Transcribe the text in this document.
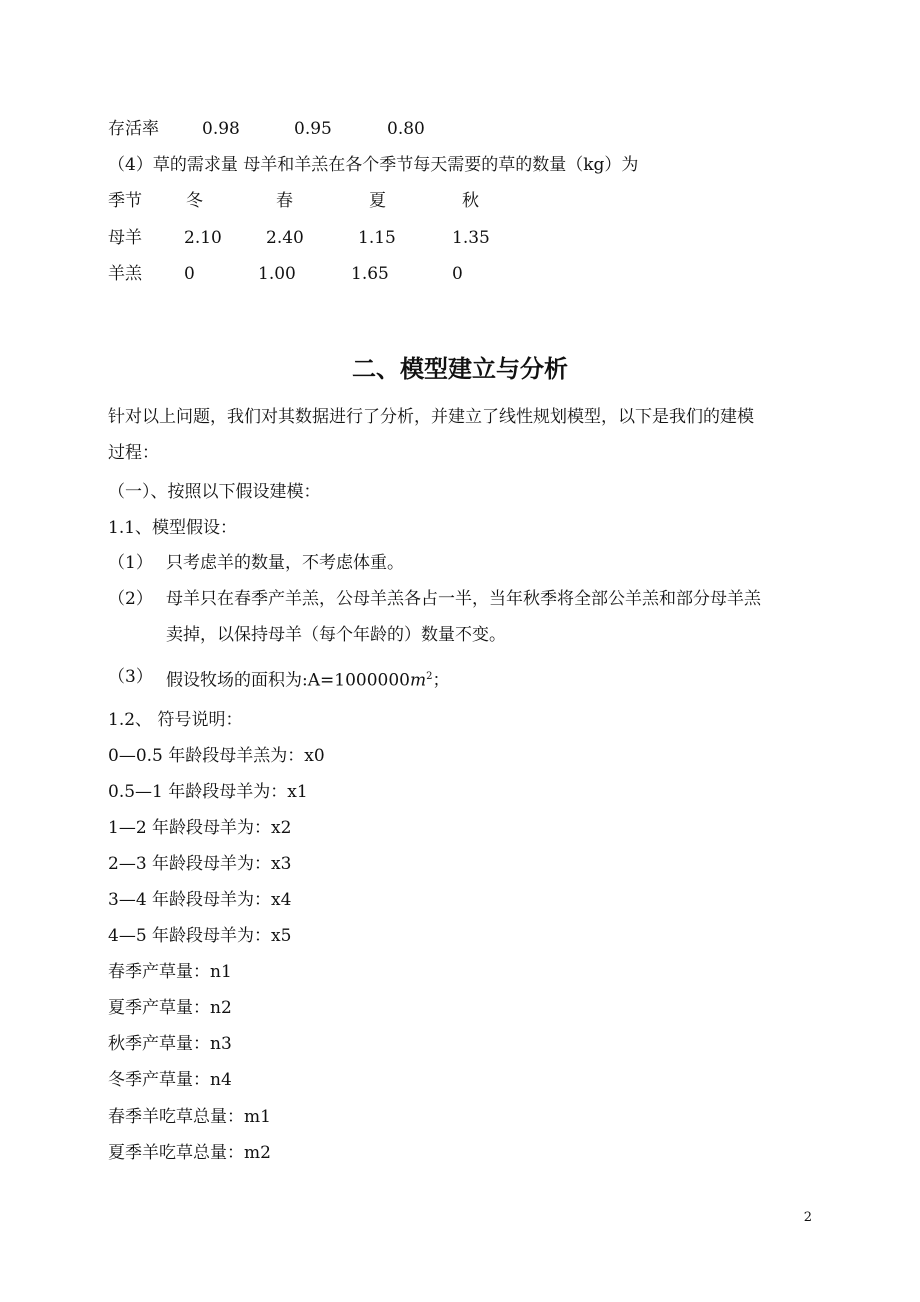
存活率	0.98	0.95	0.80
（4）草的需求量 母羊和羊羔在各个季节每天需要的草的数量（kg）为
季节	冬	春	夏	秋
母羊 2.10	2.40	1.15	1.35
羊羔 0	1.00	1.65	0
二、模型建立与分析
针对以上问题，我们对其数据进行了分析，并建立了线性规划模型，以下是我们的建模
过程：
（一）、按照以下假设建模：
1.1、模型假设：
（1） 只考虑羊的数量，不考虑体重。
（2） 母羊只在春季产羊羔，公母羊羔各占一半，当年秋季将全部公羊羔和部分母羊羔
卖掉，以保持母羊（每个年龄的）数量不变。
（3） 假设牧场的面积为$:A=1000000m^2$；
1.2、 符号说明：
0—0.5 年龄段母羊羔为：x0
0.5—1 年龄段母羊为：x1
1—2 年龄段母羊为：x2
2—3 年龄段母羊为：x3
3—4 年龄段母羊为：x4
4—5 年龄段母羊为：x5
春季产草量：n1
夏季产草量：n2
秋季产草量：n3
冬季产草量：n4
春季羊吃草总量：m1
夏季羊吃草总量：m2
2
